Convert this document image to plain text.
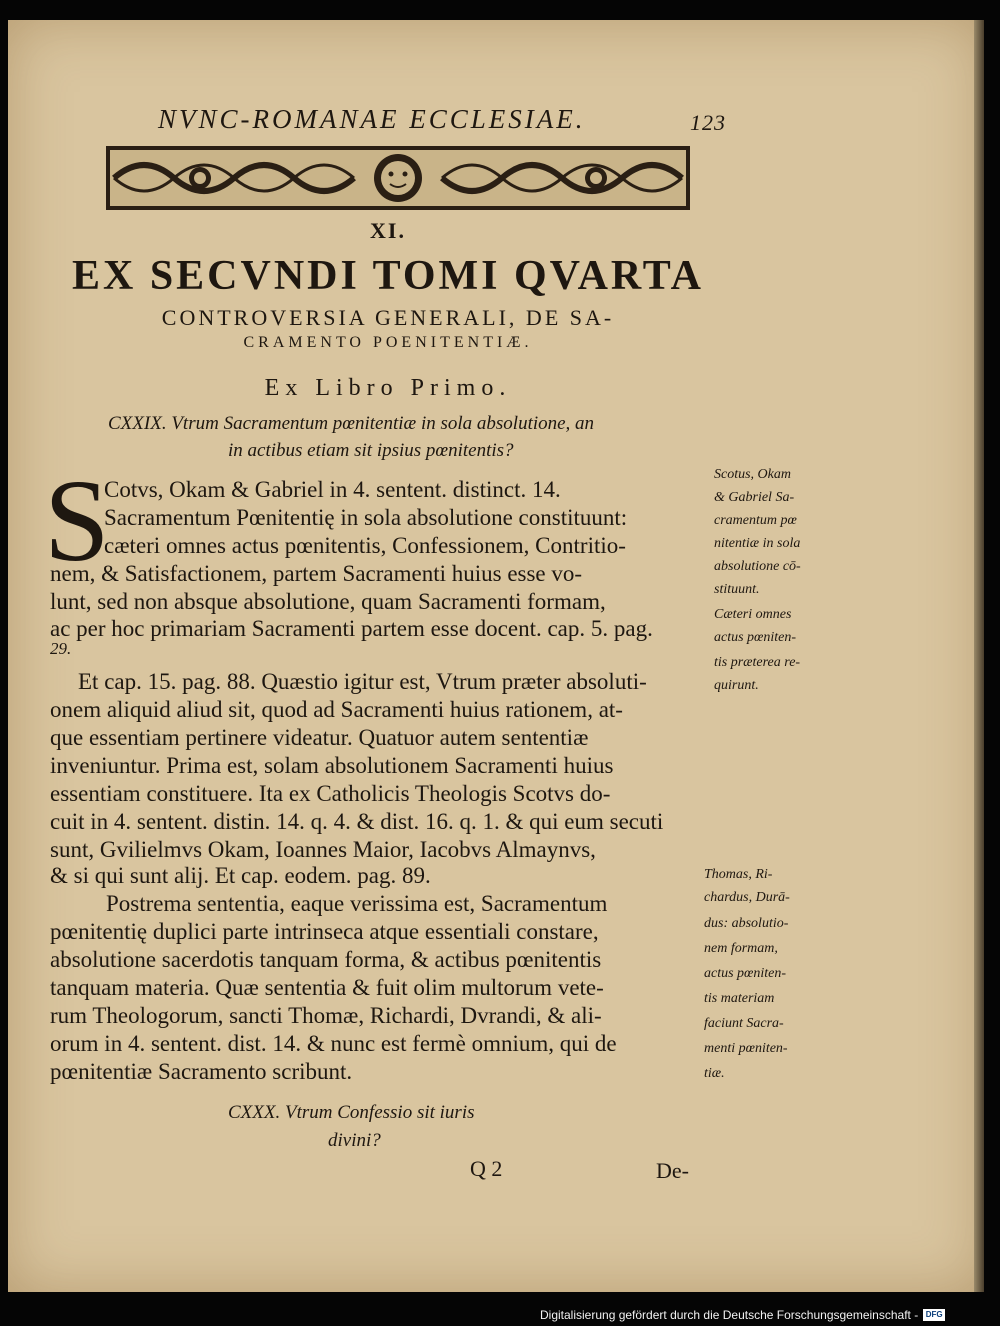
NVNC-ROMANAE ECCLESIAE.	123
XI.
EX SECVNDI TOMI QVARTA
CONTROVERSIA GENERALI, DE SA-
CRAMENTO POENITENTIÆ.
Ex Libro Primo.
CXXIX. Vtrum Sacramentum pœnitentiæ in sola absolutione, an
in actibus etiam sit ipsius pœnitentis?
S
Cotvs, Okam & Gabriel in 4. sentent. distinct. 14.
Sacramentum Pœnitentię in sola absolutione constituunt:
cæteri omnes actus pœnitentis, Confessionem, Contritio-
nem, & Satisfactionem, partem Sacramenti huius esse vo-
lunt, sed non absque absolutione, quam Sacramenti formam,
ac per hoc primariam Sacramenti partem esse docent. cap. 5. pag.
29.
Et cap. 15. pag. 88. Quæstio igitur est, Vtrum præter absoluti-
onem aliquid aliud sit, quod ad Sacramenti huius rationem, at-
que essentiam pertinere videatur. Quatuor autem sententiæ
inveniuntur. Prima est, solam absolutionem Sacramenti huius
essentiam constituere. Ita ex Catholicis Theologis Scotvs do-
cuit in 4. sentent. distin. 14. q. 4. & dist. 16. q. 1. & qui eum secuti
sunt, Gvilielmvs Okam, Ioannes Maior, Iacobvs Almaynvs,
& si qui sunt alij. Et cap. eodem. pag. 89.
Postrema sententia, eaque verissima est, Sacramentum
pœnitentię duplici parte intrinseca atque essentiali constare,
absolutione sacerdotis tanquam forma, & actibus pœnitentis
tanquam materia. Quæ sententia & fuit olim multorum vete-
rum Theologorum, sancti Thomæ, Richardi, Dvrandi, & ali-
orum in 4. sentent. dist. 14. & nunc est fermè omnium, qui de
pœnitentiæ Sacramento scribunt.
Scotus, Okam
& Gabriel Sa-
cramentum pœ
nitentiæ in sola
absolutione cō-
stituunt.
Cæteri omnes
actus pœniten-
tis præterea re-
quirunt.
Thomas, Ri-
chardus, Durā-
dus: absolutio-
nem formam,
actus pœniten-
tis materiam
faciunt Sacra-
menti pœniten-
tiæ.
CXXX. Vtrum Confessio sit iuris
divini?
Q 2	De-
Digitalisierung gefördert durch die Deutsche Forschungsgemeinschaft - DFG
